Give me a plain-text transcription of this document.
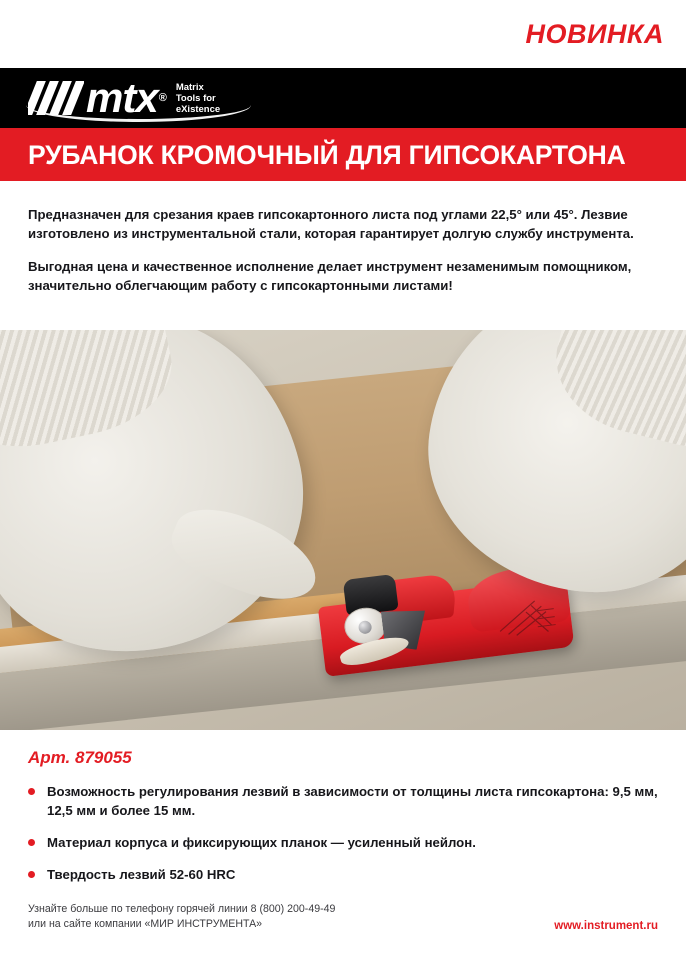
НОВИНКА
mtx ®
Matrix
Tools for
eXistence
РУБАНОК КРОМОЧНЫЙ ДЛЯ ГИПСОКАРТОНА

Предназначен для срезания краев гипсокартонного листа под углами 22,5° или 45°. Лезвие изготовлено из инструментальной стали, которая гарантирует долгую службу инструмента.

Выгодная цена и качественное исполнение делает инструмент незаменимым помощником, значительно облегчающим работу с гипсокартонными листами!

Арт. 879055
Возможность регулирования лезвий в зависимости от толщины листа гипсокартона: 9,5 мм, 12,5 мм и более 15 мм.
Материал корпуса и фиксирующих планок — усиленный нейлон.
Твердость лезвий 52-60 HRC
Узнайте больше по телефону горячей линии 8 (800) 200-49-49
или на сайте компании «МИР ИНСТРУМЕНТА»	www.instrument.ru
